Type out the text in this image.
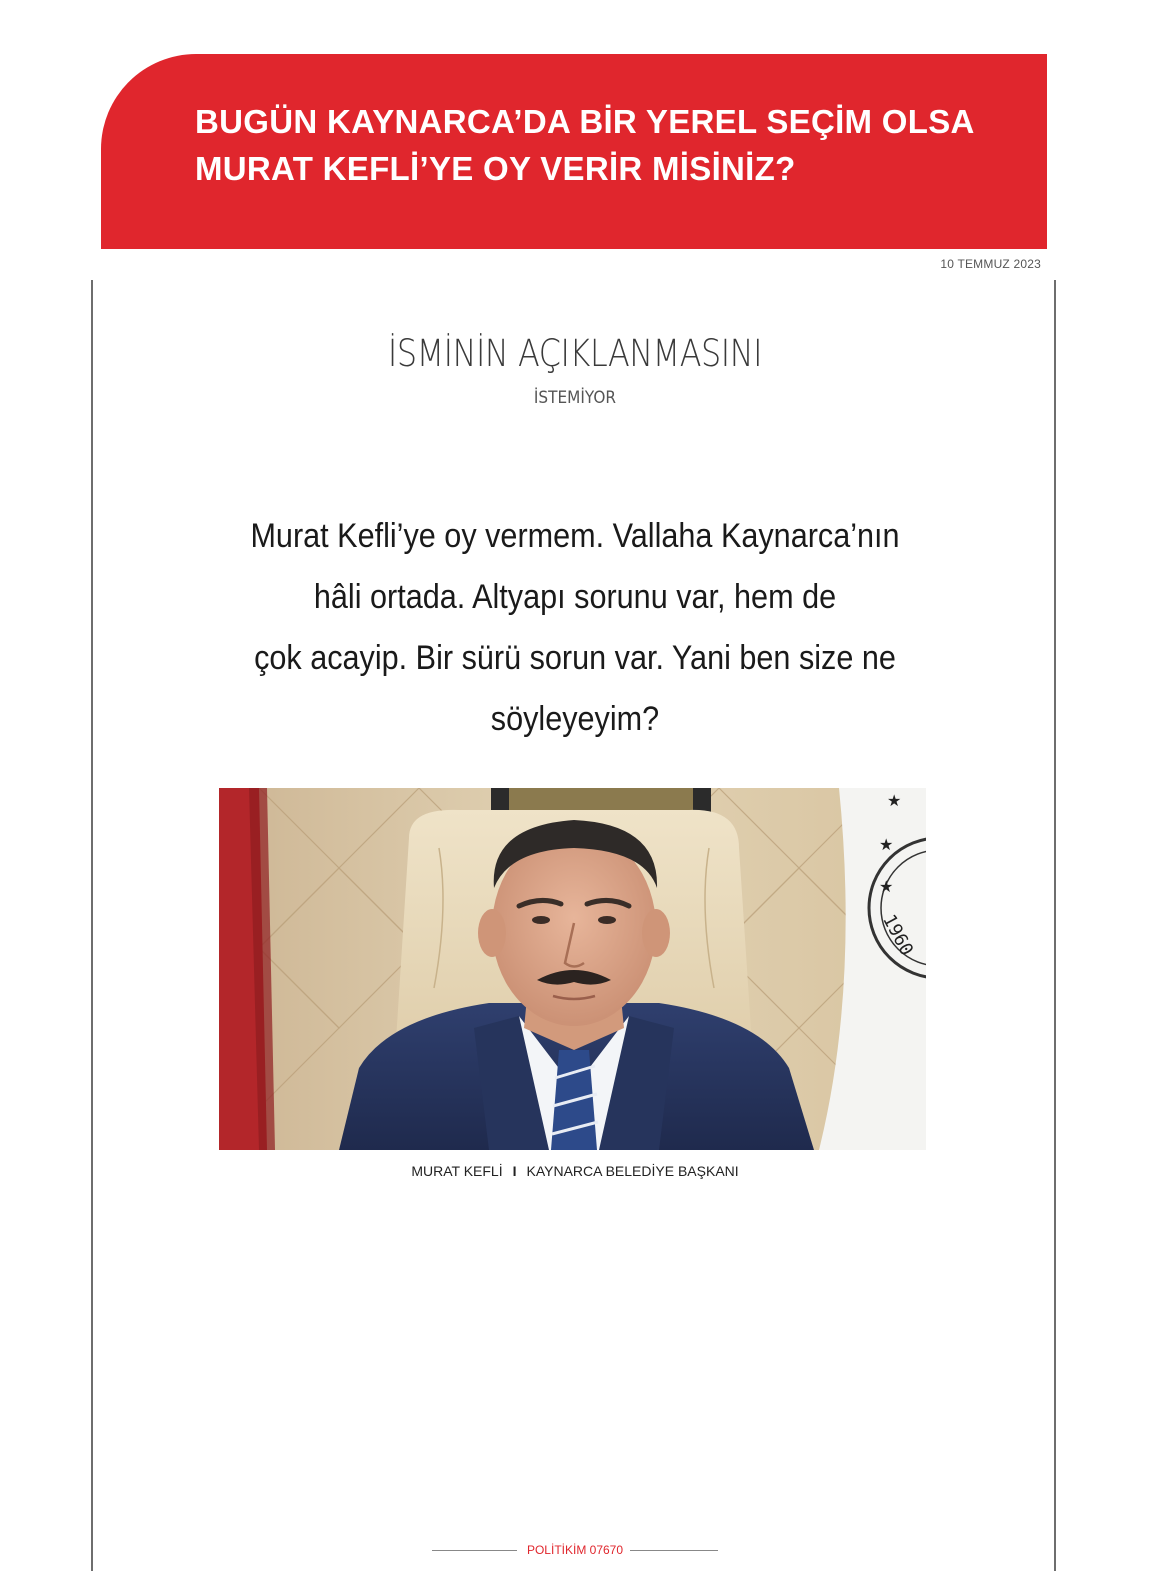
BUGÜN KAYNARCA’DA BİR YEREL SEÇİM OLSA
MURAT KEFLİ’YE OY VERİR MİSİNİZ?
10 TEMMUZ 2023
İSMİNİN AÇIKLANMASINI
İSTEMİYOR
Murat Kefli’ye oy vermem. Vallaha Kaynarca’nın
hâli ortada. Altyapı sorunu var, hem de
çok acayip. Bir sürü sorun var. Yani ben size ne
söyleyeyim?
★
★
★
1960
MURAT KEFLİ I KAYNARCA BELEDİYE BAŞKANI
POLİTİKİM 07670
